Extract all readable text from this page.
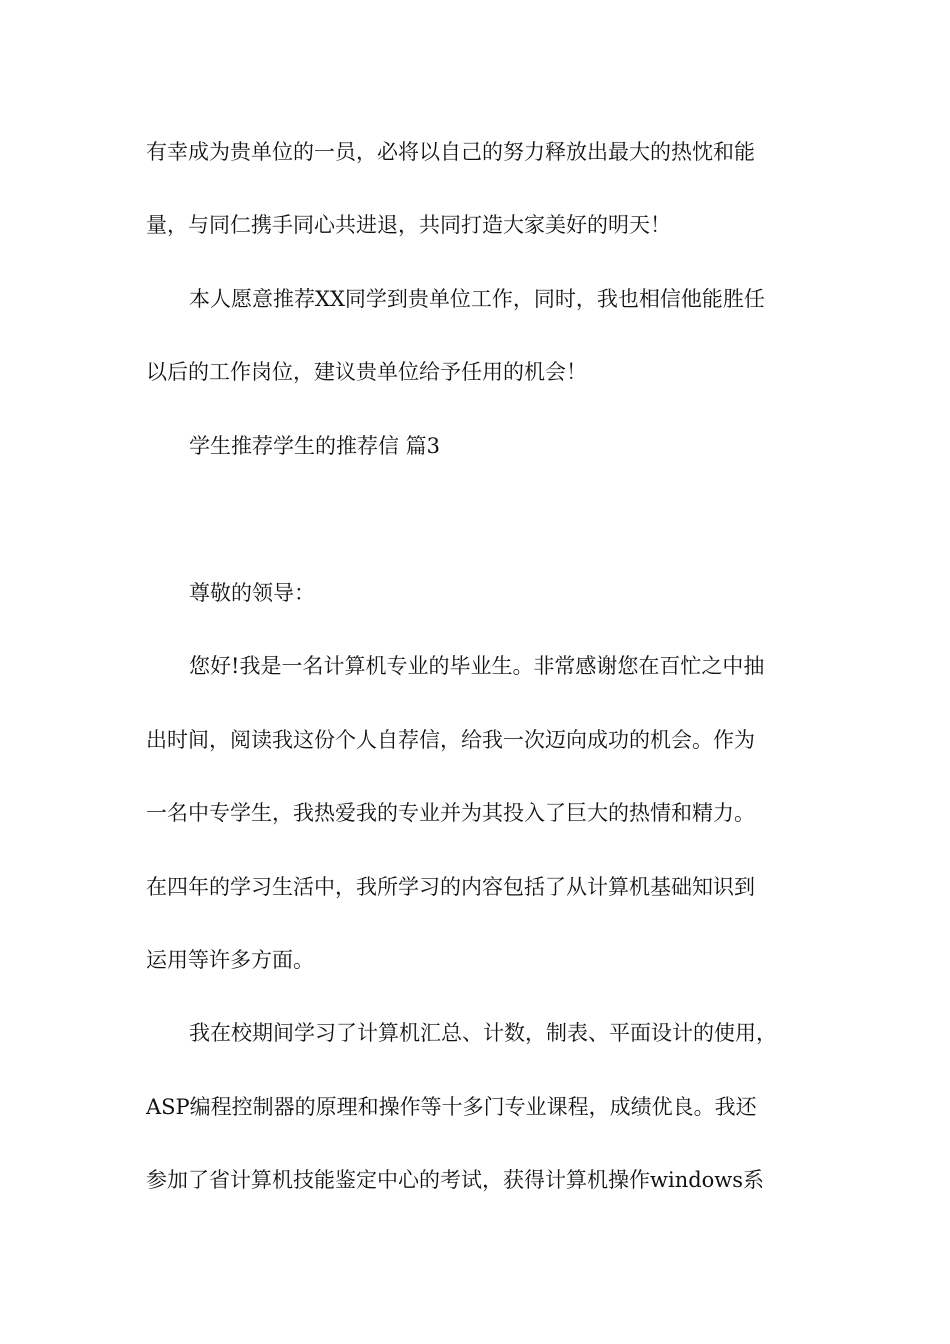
有幸成为贵单位的一员，必将以自己的努力释放出最大的热忱和能
量，与同仁携手同心共进退，共同打造大家美好的明天！
本人愿意推荐XX同学到贵单位工作，同时，我也相信他能胜任
以后的工作岗位，建议贵单位给予任用的机会！
学生推荐学生的推荐信 篇3
尊敬的领导：
您好!我是一名计算机专业的毕业生。非常感谢您在百忙之中抽
出时间，阅读我这份个人自荐信，给我一次迈向成功的机会。作为
一名中专学生，我热爱我的专业并为其投入了巨大的热情和精力。
在四年的学习生活中，我所学习的内容包括了从计算机基础知识到
运用等许多方面。
我在校期间学习了计算机汇总、计数，制表、平面设计的使用，
ASP编程控制器的原理和操作等十多门专业课程，成绩优良。我还
参加了省计算机技能鉴定中心的考试，获得计算机操作windows系
